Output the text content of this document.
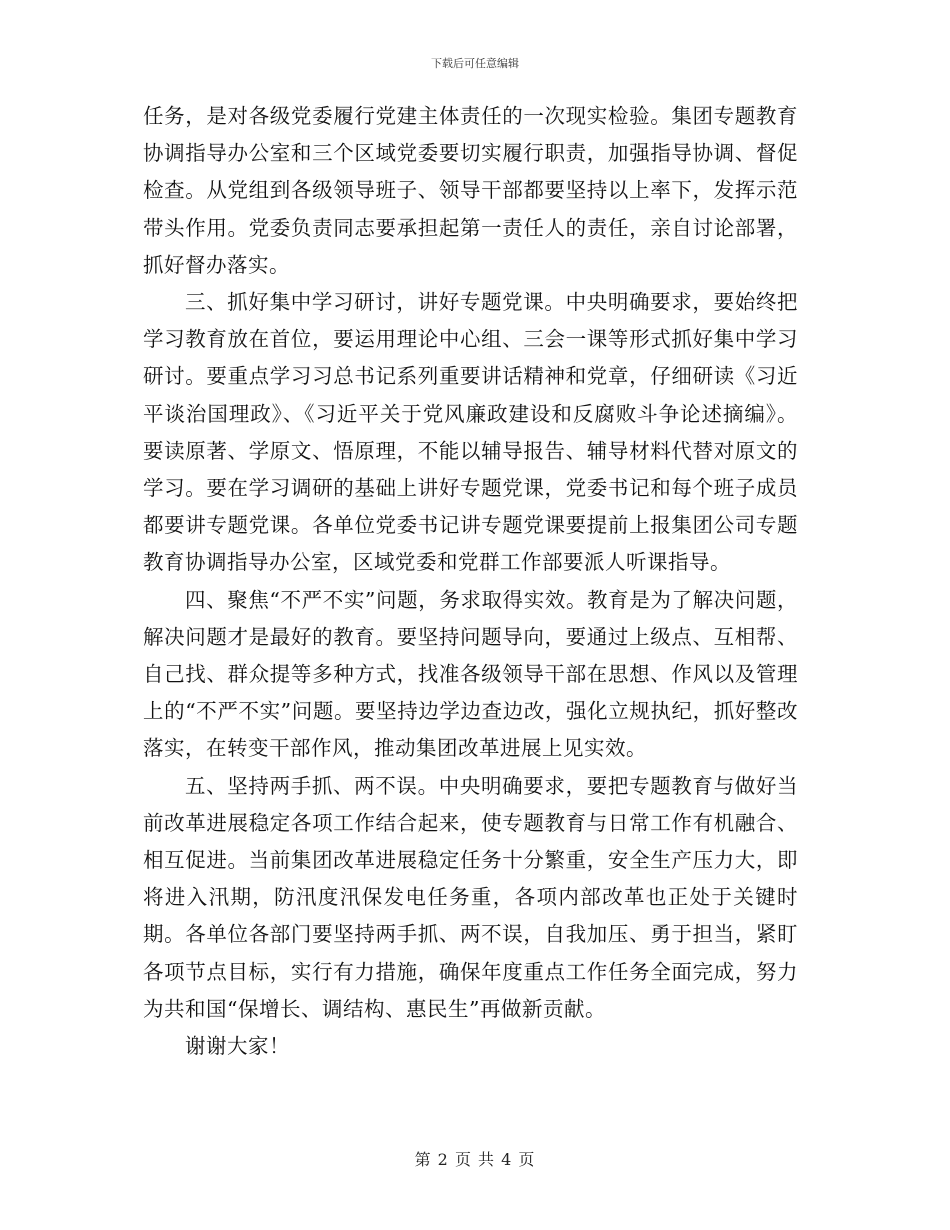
下载后可任意编辑

任务，是对各级党委履行党建主体责任的一次现实检验。集团专题教育协调指导办公室和三个区域党委要切实履行职责，加强指导协调、督促检查。从党组到各级领导班子、领导干部都要坚持以上率下，发挥示范带头作用。党委负责同志要承担起第一责任人的责任，亲自讨论部署，抓好督办落实。

三、抓好集中学习研讨，讲好专题党课。中央明确要求，要始终把学习教育放在首位，要运用理论中心组、三会一课等形式抓好集中学习研讨。要重点学习习总书记系列重要讲话精神和党章，仔细研读《习近平谈治国理政》、《习近平关于党风廉政建设和反腐败斗争论述摘编》。要读原著、学原文、悟原理，不能以辅导报告、辅导材料代替对原文的学习。要在学习调研的基础上讲好专题党课，党委书记和每个班子成员都要讲专题党课。各单位党委书记讲专题党课要提前上报集团公司专题教育协调指导办公室，区域党委和党群工作部要派人听课指导。

四、聚焦“不严不实”问题，务求取得实效。教育是为了解决问题，解决问题才是最好的教育。要坚持问题导向，要通过上级点、互相帮、自己找、群众提等多种方式，找准各级领导干部在思想、作风以及管理上的“不严不实”问题。要坚持边学边查边改，强化立规执纪，抓好整改落实，在转变干部作风，推动集团改革进展上见实效。

五、坚持两手抓、两不误。中央明确要求，要把专题教育与做好当前改革进展稳定各项工作结合起来，使专题教育与日常工作有机融合、相互促进。当前集团改革进展稳定任务十分繁重，安全生产压力大，即将进入汛期，防汛度汛保发电任务重，各项内部改革也正处于关键时期。各单位各部门要坚持两手抓、两不误，自我加压、勇于担当，紧盯各项节点目标，实行有力措施，确保年度重点工作任务全面完成，努力为共和国“保增长、调结构、惠民生”再做新贡献。

谢谢大家！

第 2 页 共 4 页
